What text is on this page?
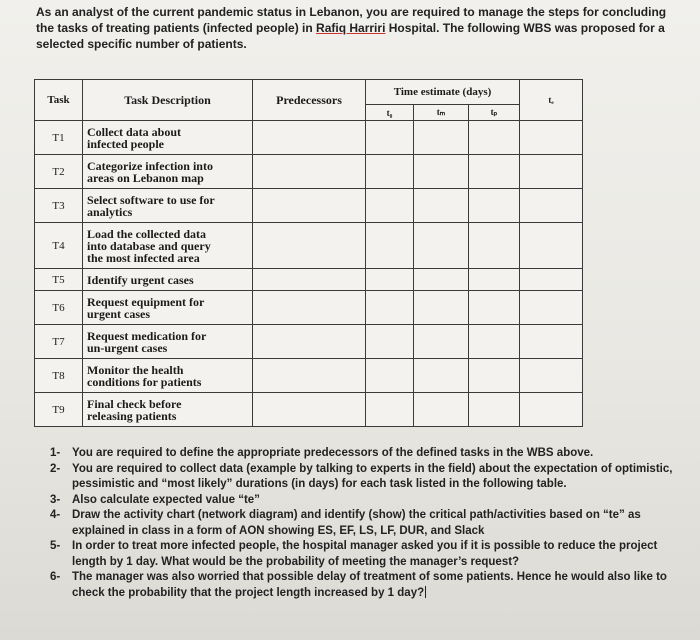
As an analyst of the current pandemic status in Lebanon, you are required to manage the steps for concluding the tasks of treating patients (infected people) in Rafiq Harriri Hospital. The following WBS was proposed for a selected specific number of patients.
Task	Task Description	Predecessors	Time estimate (days)			tₑ
			t₀	tₘ	tₚ	
T1	Collect data about
infected people					

T2	Categorize infection into
areas on Lebanon map					

T3	Select software to use for
analytics					

T4	Load the collected data
into database and query
the most infected area					

T5	Identify urgent cases					

T6	Request equipment for
urgent cases					

T7	Request medication for
un-urgent cases					

T8	Monitor the health
conditions for patients					

T9	Final check before
releasing patients					

1- You are required to define the appropriate predecessors of the defined tasks in the WBS above.
2- You are required to collect data (example by talking to experts in the field) about the expectation of optimistic, pessimistic and “most likely” durations (in days) for each task listed in the following table.
3- Also calculate expected value “te”
4- Draw the activity chart (network diagram) and identify (show) the critical path/activities based on “te” as explained in class in a form of AON showing ES, EF, LS, LF, DUR, and Slack
5- In order to treat more infected people, the hospital manager asked you if it is possible to reduce the project length by 1 day. What would be the probability of meeting the manager’s request?
6- The manager was also worried that possible delay of treatment of some patients. Hence he would also like to check the probability that the project length increased by 1 day?
